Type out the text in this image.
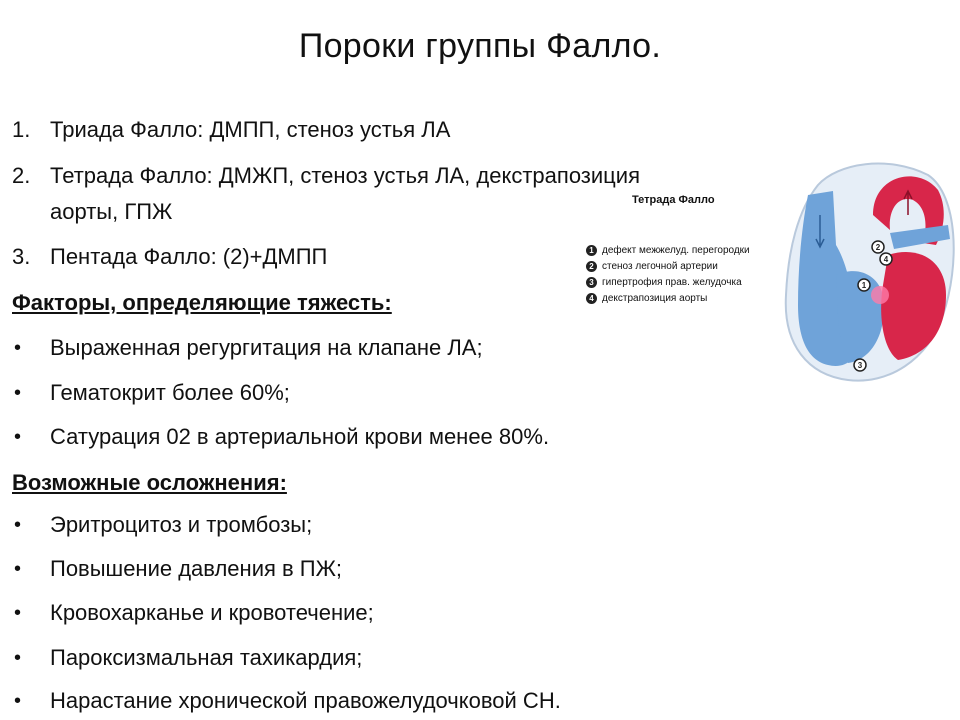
Пороки группы Фалло.
1. Триада Фалло: ДМПП, стеноз устья ЛА
2. Тетрада Фалло: ДМЖП, стеноз устья ЛА, декстрапозиция
аорты, ГПЖ
3. Пентада Фалло: (2)+ДМПП
Факторы, определяющие тяжесть:
• Выраженная регургитация на клапане ЛА;
• Гематокрит более 60%;
• Сатурация 02 в артериальной крови менее 80%.
Возможные осложнения:
• Эритроцитоз и тромбозы;
• Повышение давления в ПЖ;
• Кровохарканье и кровотечение;
• Пароксизмальная тахикардия;
• Нарастание хронической правожелудочковой СН.
Тетрада Фалло
1 дефект межжелуд. перегородки
2 стеноз легочной артерии
3 гипертрофия прав. желудочка
4 декстрапозиция аорты
1
2
3
4
